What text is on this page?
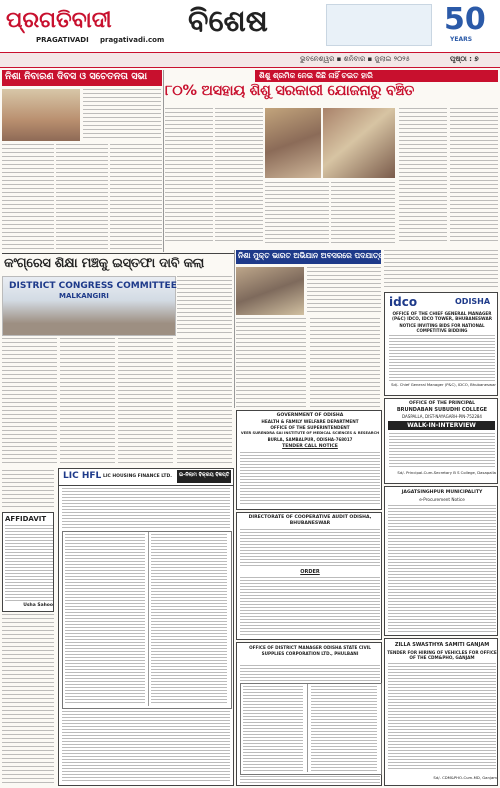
ପ୍ରଗତିବାଦୀ
PRAGATIVADI pragativadi.com
ବିଶେଷ	50
YEARS
ଭୁବନେଶ୍ୱର ▪ ଶନିବାର ▪ ଜୁଲାଇ ୨୦୨୫	ପୃଷ୍ଠା : ୭
ନିଶା ନିବାରଣ ଦିବସ ଓ ସଚେତନତା ସଭା	ଶିଶୁ ଶ୍ରମିକ ନେଇ କିଛି ନାହିଁ ଚଇତ ହାରି
୮୦% ଅସହାୟ ଶିଶୁ ସରକାରୀ ଯୋଜନାରୁ ବଞ୍ଚିତ
କଂଗ୍ରେସ ଶିକ୍ଷା ମଞ୍ଚକୁ ଇସ୍ତଫା ଦାବି କଲା
DISTRICT CONGRESS COMMITTEE
MALKANGIRI
ନିଶା ମୁକ୍ତ ଭାରତ ଅଭିଯାନ ଅବସରରେ ପଦଯାତ୍ରା
idco	ODISHA
OFFICE OF THE CHIEF GENERAL MANAGER (P&C) IDCO, IDCO TOWER, BHUBANESWAR
NOTICE INVITING BIDS FOR NATIONAL COMPETITIVE BIDDING
Sd/- Chief General Manager (P&C), IDCO, Bhubaneswar
OFFICE OF THE PRINCIPAL
BRUNDABAN SUBUDHI COLLEGE
DASPALLA, DIST-NAYAGARH-PIN-752284
WALK-IN-INTERVIEW
Sd/- Principal-Cum-Secretary B S College, Dasapalla
AFFIDAVIT
Usha Sahoo
LIC HFL LIC HOUSING FINANCE LTD. ଇ-ନିଲାମ ବିକ୍ରୟ ବିଜ୍ଞପ୍ତି
GOVERNMENT OF ODISHA
HEALTH & FAMILY WELFARE DEPARTMENT
OFFICE OF THE SUPERINTENDENT
VEER SURENDRA SAI INSTITUTE OF MEDICAL SCIENCES & RESEARCH
BURLA, SAMBALPUR, ODISHA-768017
TENDER CALL NOTICE
DIRECTORATE OF COOPERATIVE AUDIT ODISHA, BHUBANESWAR
ORDER
JAGATSINGHPUR MUNICIPALITY
e-Procurement Notice
OFFICE OF DISTRICT MANAGER ODISHA STATE CIVIL SUPPLIES CORPORATION LTD., PHULBANI
ZILLA SWASTHYA SAMITI GANJAM
TENDER FOR HIRING OF VEHICLES FOR OFFICE OF THE CDM&PHO, GANJAM
Sd/- CDM&PHO-Cum-MD, Ganjam
